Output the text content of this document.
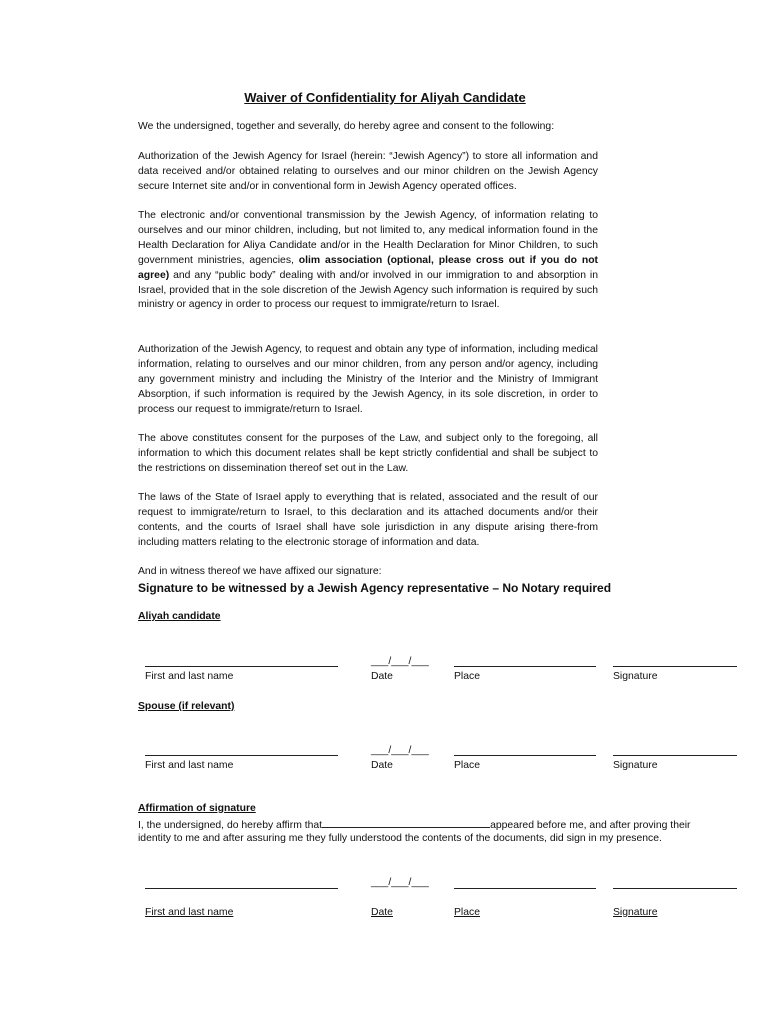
Waiver of Confidentiality for Aliyah Candidate

We the undersigned, together and severally, do hereby agree and consent to the following:

Authorization of the Jewish Agency for Israel (herein: “Jewish Agency”) to store all information and data received and/or obtained relating to ourselves and our minor children on the Jewish Agency secure Internet site and/or in conventional form in Jewish Agency operated offices.

The electronic and/or conventional transmission by the Jewish Agency, of information relating to ourselves and our minor children, including, but not limited to, any medical information found in the Health Declaration for Aliya Candidate and/or in the Health Declaration for Minor Children, to such government ministries, agencies, olim association (optional, please cross out if you do not agree) and any “public body” dealing with and/or involved in our immigration to and absorption in Israel, provided that in the sole discretion of the Jewish Agency such information is required by such ministry or agency in order to process our request to immigrate/return to Israel.

Authorization of the Jewish Agency, to request and obtain any type of information, including medical information, relating to ourselves and our minor children, from any person and/or agency, including any government ministry and including the Ministry of the Interior and the Ministry of Immigrant Absorption, if such information is required by the Jewish Agency, in its sole discretion, in order to process our request to immigrate/return to Israel.

The above constitutes consent for the purposes of the Law, and subject only to the foregoing, all information to which this document relates shall be kept strictly confidential and shall be subject to the restrictions on dissemination thereof set out in the Law.

The laws of the State of Israel apply to everything that is related, associated and the result of our request to immigrate/return to Israel, to this declaration and its attached documents and/or their contents, and the courts of Israel shall have sole jurisdiction in any dispute arising there-from including matters relating to the electronic storage of information and data.

And in witness thereof we have affixed our signature:
Signature to be witnessed by a Jewish Agency representative – No Notary required
Aliyah candidate
___/___/___
First and last name	Date	Place	Signature
Spouse (if relevant)
___/___/___
First and last name	Date	Place	Signature
Affirmation of signature
I, the undersigned, do hereby affirm that	appeared before me, and after proving their
identity to me and after assuring me they fully understood the contents of the documents, did sign in my presence.
___/___/___
First and last name	Date	Place	Signature
